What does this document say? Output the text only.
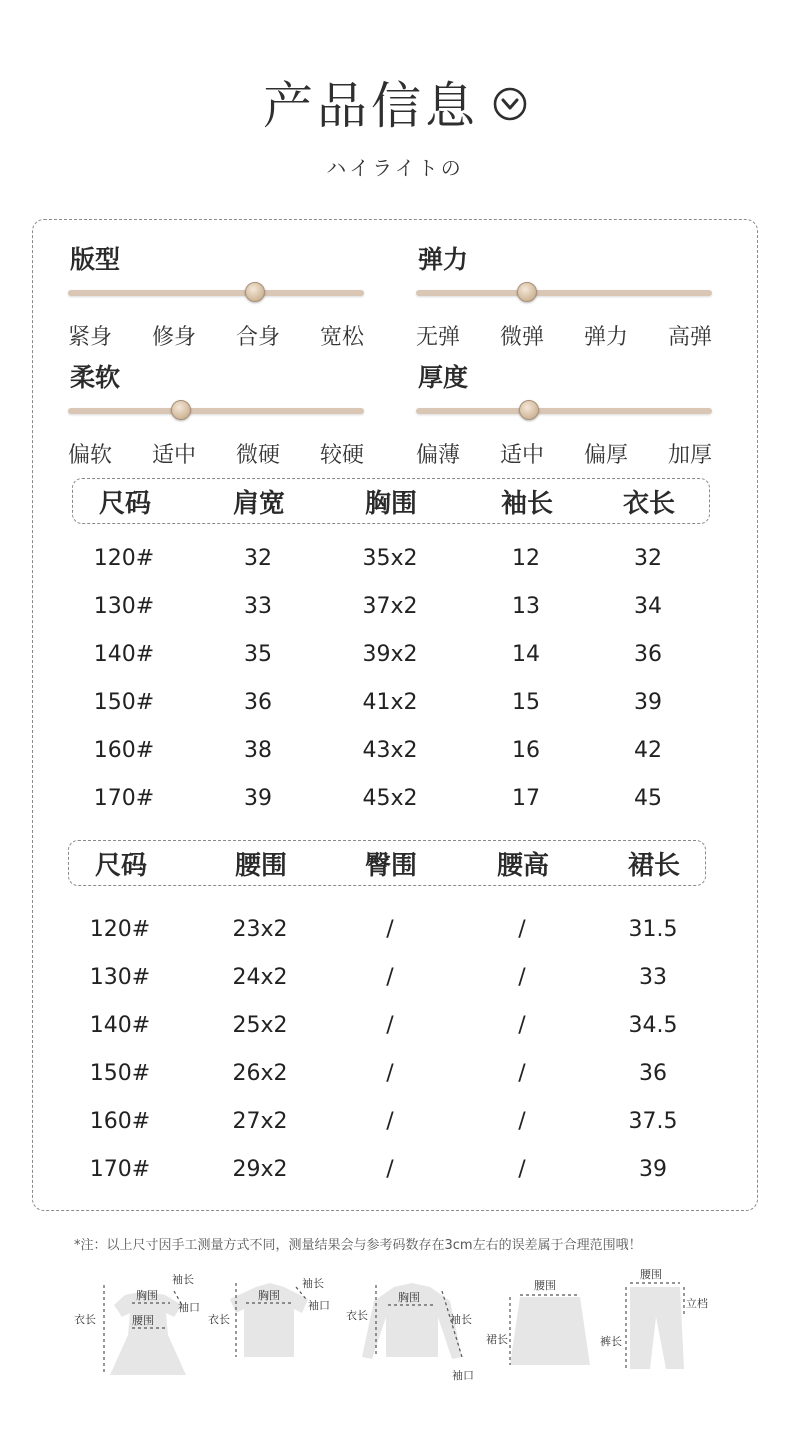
产品信息
ハイライトの
版型
紧身 修身 合身 宽松
弹力
无弹 微弹 弹力 高弹
柔软
偏软 适中 微硬 较硬
厚度
偏薄 适中 偏厚 加厚
尺码	肩宽	胸围	袖长	衣长
120#	32	35x2	12	32
130#	33	37x2	13	34
140#	35	39x2	14	36
150#	36	41x2	15	39
160#	38	43x2	16	42
170#	39	45x2	17	45
尺码	腰围	臀围	腰高	裙长
120#	23x2	/	/	31.5
130#	24x2	/	/	33
140#	25x2	/	/	34.5
150#	26x2	/	/	36
160#	27x2	/	/	37.5
170#	29x2	/	/	39
*注：以上尺寸因手工测量方式不同，测量结果会与参考码数存在3cm左右的误差属于合理范围哦！
胸围
腰围
衣长
袖长
袖口
胸围
衣长
袖长
袖口
胸围
衣长	袖长
袖口
腰围
裙长
腰围
立档
裤长
